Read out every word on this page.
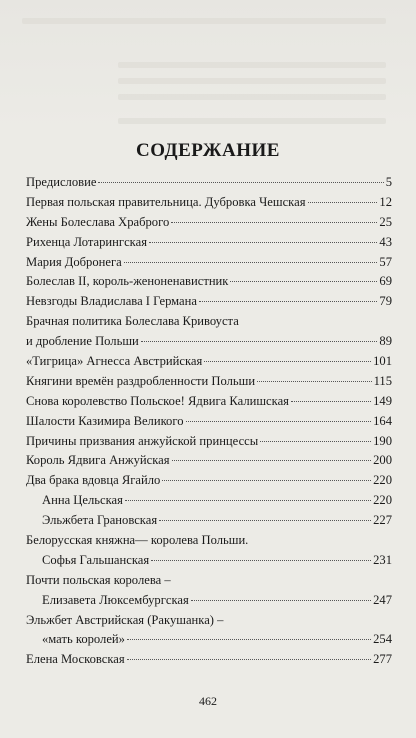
СОДЕРЖАНИЕ
Предисловие	5
Первая польская правительница. Дубровка Чешская	12
Жены Болеслава Храброго	25
Рихенца Лотарингская	43
Мария Добронега	57
Болеслав II, король-женоненавистник	69
Невзгоды Владислава I Германа	79
Брачная политика Болеслава Кривоуста
и дробление Польши	89
«Тигрица» Агнесса Австрийская	101
Княгини времён раздробленности Польши	115
Снова королевство Польское! Ядвига Калишская	149
Шалости Казимира Великого	164
Причины призвания анжуйской принцессы	190
Король Ядвига Анжуйская	200
Два брака вдовца Ягайло	220
Анна Цельская	220
Эльжбета Грановская	227
Белорусская княжна— королева Польши.
Софья Гальшанская	231
Почти польская королева –
Елизавета Люксембургская	247
Эльжбет Австрийская (Ракушанка) –
«мать королей»	254
Елена Московская	277
462
